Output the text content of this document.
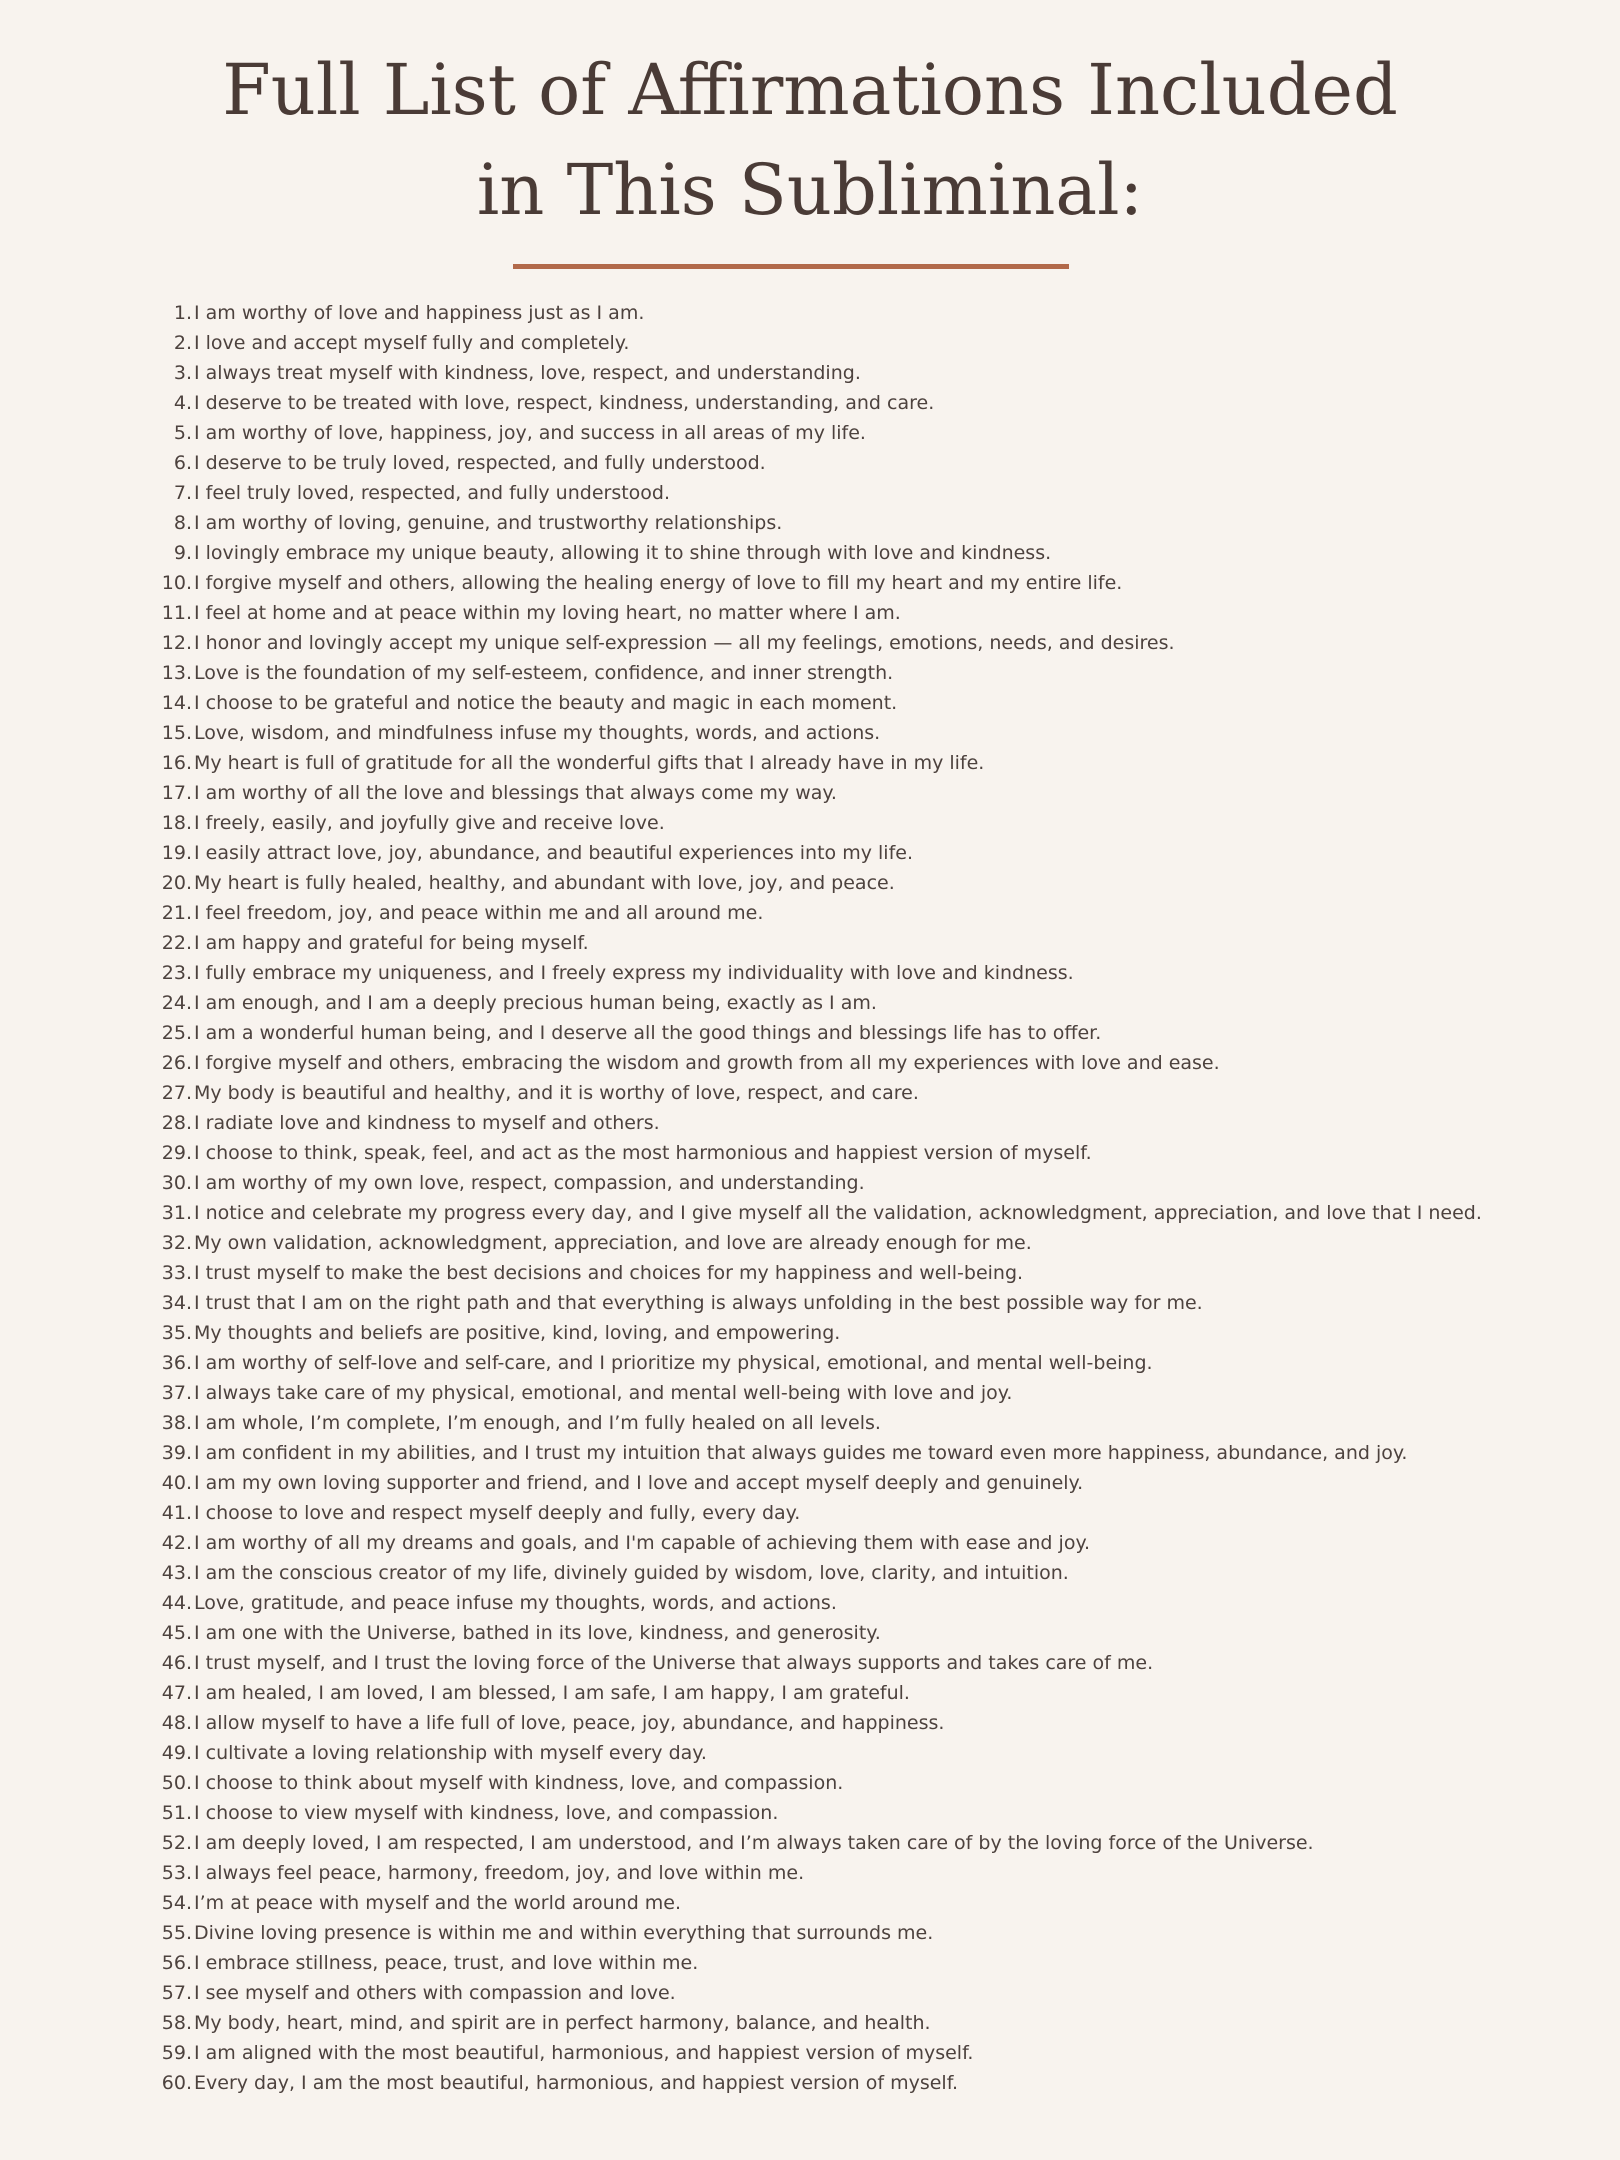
Full List of Affirmations Included
in This Subliminal:
1. I am worthy of love and happiness just as I am.
2. I love and accept myself fully and completely.
3. I always treat myself with kindness, love, respect, and understanding.
4. I deserve to be treated with love, respect, kindness, understanding, and care.
5. I am worthy of love, happiness, joy, and success in all areas of my life.
6. I deserve to be truly loved, respected, and fully understood.
7. I feel truly loved, respected, and fully understood.
8. I am worthy of loving, genuine, and trustworthy relationships.
9. I lovingly embrace my unique beauty, allowing it to shine through with love and kindness.
10. I forgive myself and others, allowing the healing energy of love to fill my heart and my entire life.
11. I feel at home and at peace within my loving heart, no matter where I am.
12. I honor and lovingly accept my unique self-expression — all my feelings, emotions, needs, and desires.
13. Love is the foundation of my self-esteem, confidence, and inner strength.
14. I choose to be grateful and notice the beauty and magic in each moment.
15. Love, wisdom, and mindfulness infuse my thoughts, words, and actions.
16. My heart is full of gratitude for all the wonderful gifts that I already have in my life.
17. I am worthy of all the love and blessings that always come my way.
18. I freely, easily, and joyfully give and receive love.
19. I easily attract love, joy, abundance, and beautiful experiences into my life.
20. My heart is fully healed, healthy, and abundant with love, joy, and peace.
21. I feel freedom, joy, and peace within me and all around me.
22. I am happy and grateful for being myself.
23. I fully embrace my uniqueness, and I freely express my individuality with love and kindness.
24. I am enough, and I am a deeply precious human being, exactly as I am.
25. I am a wonderful human being, and I deserve all the good things and blessings life has to offer.
26. I forgive myself and others, embracing the wisdom and growth from all my experiences with love and ease.
27. My body is beautiful and healthy, and it is worthy of love, respect, and care.
28. I radiate love and kindness to myself and others.
29. I choose to think, speak, feel, and act as the most harmonious and happiest version of myself.
30. I am worthy of my own love, respect, compassion, and understanding.
31. I notice and celebrate my progress every day, and I give myself all the validation, acknowledgment, appreciation, and love that I need.
32. My own validation, acknowledgment, appreciation, and love are already enough for me.
33. I trust myself to make the best decisions and choices for my happiness and well-being.
34. I trust that I am on the right path and that everything is always unfolding in the best possible way for me.
35. My thoughts and beliefs are positive, kind, loving, and empowering.
36. I am worthy of self-love and self-care, and I prioritize my physical, emotional, and mental well-being.
37. I always take care of my physical, emotional, and mental well-being with love and joy.
38. I am whole, I’m complete, I’m enough, and I’m fully healed on all levels.
39. I am confident in my abilities, and I trust my intuition that always guides me toward even more happiness, abundance, and joy.
40. I am my own loving supporter and friend, and I love and accept myself deeply and genuinely.
41. I choose to love and respect myself deeply and fully, every day.
42. I am worthy of all my dreams and goals, and I'm capable of achieving them with ease and joy.
43. I am the conscious creator of my life, divinely guided by wisdom, love, clarity, and intuition.
44. Love, gratitude, and peace infuse my thoughts, words, and actions.
45. I am one with the Universe, bathed in its love, kindness, and generosity.
46. I trust myself, and I trust the loving force of the Universe that always supports and takes care of me.
47. I am healed, I am loved, I am blessed, I am safe, I am happy, I am grateful.
48. I allow myself to have a life full of love, peace, joy, abundance, and happiness.
49. I cultivate a loving relationship with myself every day.
50. I choose to think about myself with kindness, love, and compassion.
51. I choose to view myself with kindness, love, and compassion.
52. I am deeply loved, I am respected, I am understood, and I’m always taken care of by the loving force of the Universe.
53. I always feel peace, harmony, freedom, joy, and love within me.
54. I’m at peace with myself and the world around me.
55. Divine loving presence is within me and within everything that surrounds me.
56. I embrace stillness, peace, trust, and love within me.
57. I see myself and others with compassion and love.
58. My body, heart, mind, and spirit are in perfect harmony, balance, and health.
59. I am aligned with the most beautiful, harmonious, and happiest version of myself.
60. Every day, I am the most beautiful, harmonious, and happiest version of myself.
